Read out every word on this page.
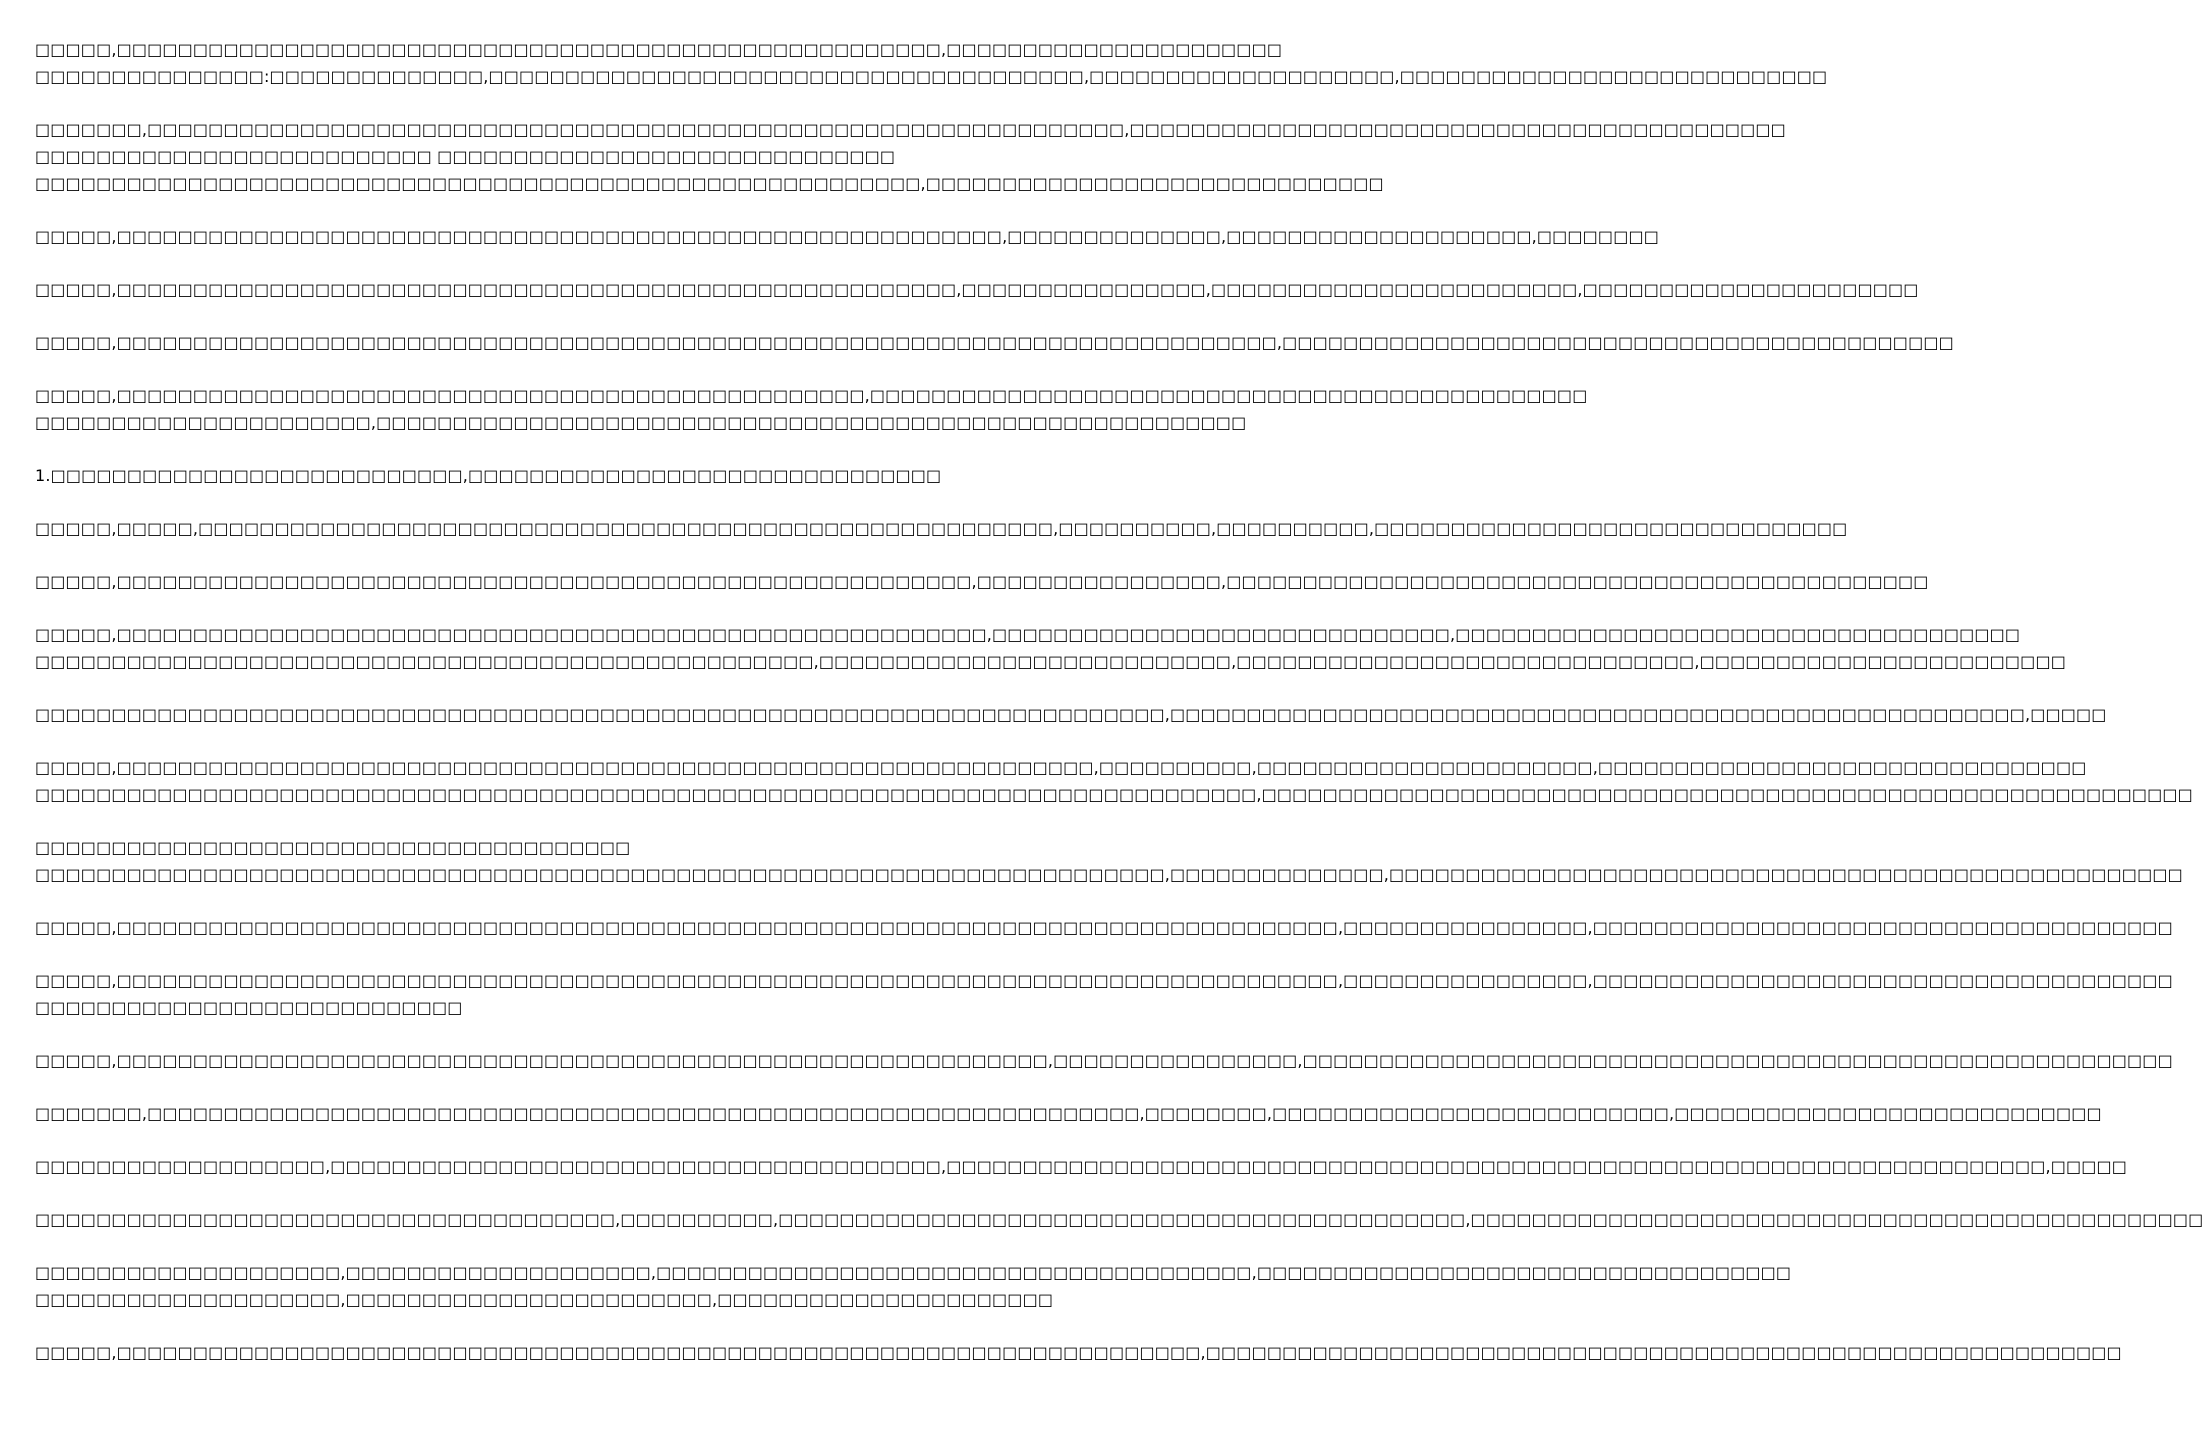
□□□□□,□□□□□□□□□□□□□□□□□□□□□□□□□□□□□□□□□□□□□□□□□□□□□□□□□□□□□□,□□□□□□□□□□□□□□□□□□□□□□
□□□□□□□□□□□□□□□:□□□□□□□□□□□□□□,□□□□□□□□□□□□□□□□□□□□□□□□□□□□□□□□□□□□□□□,□□□□□□□□□□□□□□□□□□□□,□□□□□□□□□□□□□□□□□□□□□□□□□□□□
□□□□□□□,□□□□□□□□□□□□□□□□□□□□□□□□□□□□□□□□□□□□□□□□□□□□□□□□□□□□□□□□□□□□□□□□,□□□□□□□□□□□□□□□□□□□□□□□□□□□□□□□□□□□□□□□□□□□
□□□□□□□□□□□□□□□□□□□□□□□□□□ □□□□□□□□□□□□□□□□□□□□□□□□□□□□□□
□□□□□□□□□□□□□□□□□□□□□□□□□□□□□□□□□□□□□□□□□□□□□□□□□□□□□□□□□□,□□□□□□□□□□□□□□□□□□□□□□□□□□□□□□
□□□□□,□□□□□□□□□□□□□□□□□□□□□□□□□□□□□□□□□□□□□□□□□□□□□□□□□□□□□□□□□□,□□□□□□□□□□□□□□,□□□□□□□□□□□□□□□□□□□□,□□□□□□□□
□□□□□,□□□□□□□□□□□□□□□□□□□□□□□□□□□□□□□□□□□□□□□□□□□□□□□□□□□□□□□,□□□□□□□□□□□□□□□□,□□□□□□□□□□□□□□□□□□□□□□□□,□□□□□□□□□□□□□□□□□□□□□□
□□□□□,□□□□□□□□□□□□□□□□□□□□□□□□□□□□□□□□□□□□□□□□□□□□□□□□□□□□□□□□□□□□□□□□□□□□□□□□□□□□,□□□□□□□□□□□□□□□□□□□□□□□□□□□□□□□□□□□□□□□□□□□□
□□□□□,□□□□□□□□□□□□□□□□□□□□□□□□□□□□□□□□□□□□□□□□□□□□□□□□□,□□□□□□□□□□□□□□□□□□□□□□□□□□□□□□□□□□□□□□□□□□□□□□□
□□□□□□□□□□□□□□□□□□□□□□,□□□□□□□□□□□□□□□□□□□□□□□□□□□□□□□□□□□□□□□□□□□□□□□□□□□□□□□□□
1.□□□□□□□□□□□□□□□□□□□□□□□□□□□,□□□□□□□□□□□□□□□□□□□□□□□□□□□□□□□
□□□□□,□□□□□,□□□□□□□□□□□□□□□□□□□□□□□□□□□□□□□□□□□□□□□□□□□□□□□□□□□□□□□□,□□□□□□□□□□,□□□□□□□□□□,□□□□□□□□□□□□□□□□□□□□□□□□□□□□□□□
□□□□□,□□□□□□□□□□□□□□□□□□□□□□□□□□□□□□□□□□□□□□□□□□□□□□□□□□□□□□□□,□□□□□□□□□□□□□□□□,□□□□□□□□□□□□□□□□□□□□□□□□□□□□□□□□□□□□□□□□□□□□□□
□□□□□,□□□□□□□□□□□□□□□□□□□□□□□□□□□□□□□□□□□□□□□□□□□□□□□□□□□□□□□□□,□□□□□□□□□□□□□□□□□□□□□□□□□□□□□□,□□□□□□□□□□□□□□□□□□□□□□□□□□□□□□□□□□□□□
□□□□□□□□□□□□□□□□□□□□□□□□□□□□□□□□□□□□□□□□□□□□□□□□□□□,□□□□□□□□□□□□□□□□□□□□□□□□□□□,□□□□□□□□□□□□□□□□□□□□□□□□□□□□□□,□□□□□□□□□□□□□□□□□□□□□□□□
□□□□□□□□□□□□□□□□□□□□□□□□□□□□□□□□□□□□□□□□□□□□□□□□□□□□□□□□□□□□□□□□□□□□□□□□□□,□□□□□□□□□□□□□□□□□□□□□□□□□□□□□□□□□□□□□□□□□□□□□□□□□□□□□□□□,□□□□□
□□□□□,□□□□□□□□□□□□□□□□□□□□□□□□□□□□□□□□□□□□□□□□□□□□□□□□□□□□□□□□□□□□□□□□,□□□□□□□□□□,□□□□□□□□□□□□□□□□□□□□□□,□□□□□□□□□□□□□□□□□□□□□□□□□□□□□□□□
□□□□□□□□□□□□□□□□□□□□□□□□□□□□□□□□□□□□□□□□□□□□□□□□□□□□□□□□□□□□□□□□□□□□□□□□□□□□□□□□,□□□□□□□□□□□□□□□□□□□□□□□□□□□□□□□□□□□□□□□□□□□□□□□□□□□□□□□□□□□□□
□□□□□□□□□□□□□□□□□□□□□□□□□□□□□□□□□□□□□□□
□□□□□□□□□□□□□□□□□□□□□□□□□□□□□□□□□□□□□□□□□□□□□□□□□□□□□□□□□□□□□□□□□□□□□□□□□□,□□□□□□□□□□□□□□,□□□□□□□□□□□□□□□□□□□□□□□□□□□□□□□□□□□□□□□□□□□□□□□□□□□□
□□□□□,□□□□□□□□□□□□□□□□□□□□□□□□□□□□□□□□□□□□□□□□□□□□□□□□□□□□□□□□□□□□□□□□□□□□□□□□□□□□□□□□,□□□□□□□□□□□□□□□□,□□□□□□□□□□□□□□□□□□□□□□□□□□□□□□□□□□□□□□
□□□□□,□□□□□□□□□□□□□□□□□□□□□□□□□□□□□□□□□□□□□□□□□□□□□□□□□□□□□□□□□□□□□□□□□□□□□□□□□□□□□□□□,□□□□□□□□□□□□□□□□,□□□□□□□□□□□□□□□□□□□□□□□□□□□□□□□□□□□□□□
□□□□□□□□□□□□□□□□□□□□□□□□□□□□
□□□□□,□□□□□□□□□□□□□□□□□□□□□□□□□□□□□□□□□□□□□□□□□□□□□□□□□□□□□□□□□□□□□,□□□□□□□□□□□□□□□□,□□□□□□□□□□□□□□□□□□□□□□□□□□□□□□□□□□□□□□□□□□□□□□□□□□□□□□□□□
□□□□□□□,□□□□□□□□□□□□□□□□□□□□□□□□□□□□□□□□□□□□□□□□□□□□□□□□□□□□□□□□□□□□□□□□□,□□□□□□□□,□□□□□□□□□□□□□□□□□□□□□□□□□□,□□□□□□□□□□□□□□□□□□□□□□□□□□□□
□□□□□□□□□□□□□□□□□□□,□□□□□□□□□□□□□□□□□□□□□□□□□□□□□□□□□□□□□□□□,□□□□□□□□□□□□□□□□□□□□□□□□□□□□□□□□□□□□□□□□□□□□□□□□□□□□□□□□□□□□□□□□□□□□□□□□,□□□□□
□□□□□□□□□□□□□□□□□□□□□□□□□□□□□□□□□□□□□□,□□□□□□□□□□,□□□□□□□□□□□□□□□□□□□□□□□□□□□□□□□□□□□□□□□□□□□□□,□□□□□□□□□□□□□□□□□□□□□□□□□□□□□□□□□□□□□□□□□□□□□□□□
□□□□□□□□□□□□□□□□□□□□,□□□□□□□□□□□□□□□□□□□□,□□□□□□□□□□□□□□□□□□□□□□□□□□□□□□□□□□□□□□□,□□□□□□□□□□□□□□□□□□□□□□□□□□□□□□□□□□□
□□□□□□□□□□□□□□□□□□□□,□□□□□□□□□□□□□□□□□□□□□□□□,□□□□□□□□□□□□□□□□□□□□□□
□□□□□,□□□□□□□□□□□□□□□□□□□□□□□□□□□□□□□□□□□□□□□□□□□□□□□□□□□□□□□□□□□□□□□□□□□□□□□,□□□□□□□□□□□□□□□□□□□□□□□□□□□□□□□□□□□□□□□□□□□□□□□□□□□□□□□□□□□□
